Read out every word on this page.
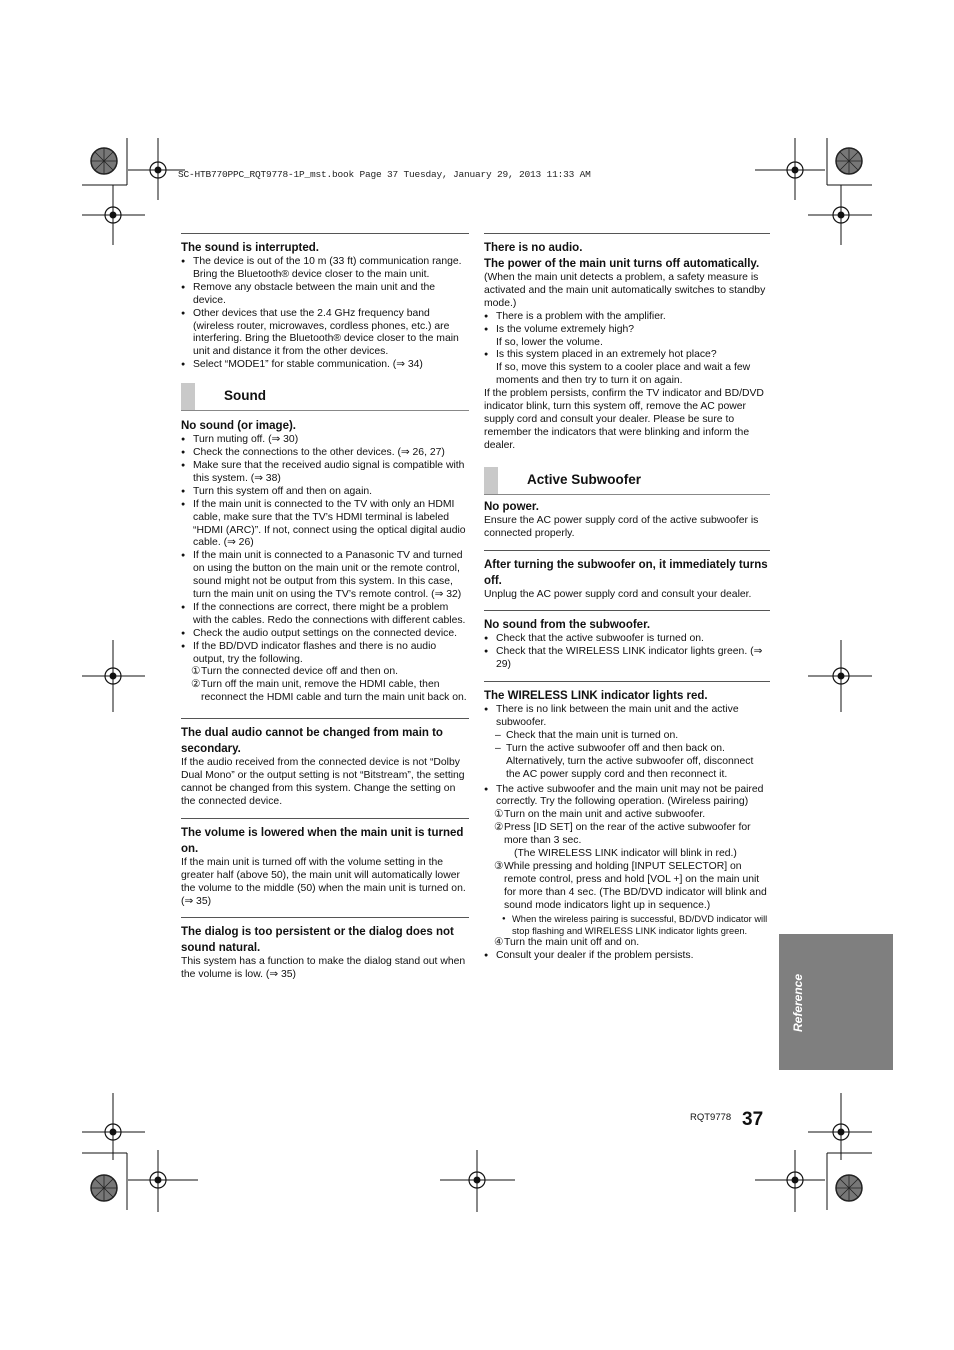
SC-HTB770PPC_RQT9778-1P_mst.book Page 37 Tuesday, January 29, 2013 11:33 AM
The sound is interrupted.
● The device is out of the 10 m (33 ft) communication range. Bring the Bluetooth® device closer to the main unit.
● Remove any obstacle between the main unit and the device.
● Other devices that use the 2.4 GHz frequency band (wireless router, microwaves, cordless phones, etc.) are interfering. Bring the Bluetooth® device closer to the main unit and distance it from the other devices.
● Select “MODE1” for stable communication. (⇒ 34)
Sound
No sound (or image).
● Turn muting off. (⇒ 30)
● Check the connections to the other devices. (⇒ 26, 27)
● Make sure that the received audio signal is compatible with this system. (⇒ 38)
● Turn this system off and then on again.
● If the main unit is connected to the TV with only an HDMI cable, make sure that the TV’s HDMI terminal is labeled “HDMI (ARC)”. If not, connect using the optical digital audio cable. (⇒ 26)
● If the main unit is connected to a Panasonic TV and turned on using the button on the main unit or the remote control, sound might not be output from this system. In this case, turn the main unit on using the TV’s remote control. (⇒ 32)
● If the connections are correct, there might be a problem with the cables. Redo the connections with different cables.
● Check the audio output settings on the connected device.
● If the BD/DVD indicator flashes and there is no audio output, try the following.
① Turn the connected device off and then on.
② Turn off the main unit, remove the HDMI cable, then reconnect the HDMI cable and turn the main unit back on.
The dual audio cannot be changed from main to secondary.
If the audio received from the connected device is not “Dolby Dual Mono” or the output setting is not “Bitstream”, the setting cannot be changed from this system. Change the setting on the connected device.
The volume is lowered when the main unit is turned on.
If the main unit is turned off with the volume setting in the greater half (above 50), the main unit will automatically lower the volume to the middle (50) when the main unit is turned on. (⇒ 35)
The dialog is too persistent or the dialog does not sound natural.
This system has a function to make the dialog stand out when the volume is low. (⇒ 35)
There is no audio.
The power of the main unit turns off automatically.
(When the main unit detects a problem, a safety measure is activated and the main unit automatically switches to standby mode.)
● There is a problem with the amplifier.
● Is the volume extremely high?
If so, lower the volume.
● Is this system placed in an extremely hot place?
If so, move this system to a cooler place and wait a few moments and then try to turn it on again.
If the problem persists, confirm the TV indicator and BD/DVD indicator blink, turn this system off, remove the AC power supply cord and consult your dealer. Please be sure to remember the indicators that were blinking and inform the dealer.
Active Subwoofer
No power.
Ensure the AC power supply cord of the active subwoofer is connected properly.
After turning the subwoofer on, it immediately turns off.
Unplug the AC power supply cord and consult your dealer.
No sound from the subwoofer.
● Check that the active subwoofer is turned on.
● Check that the WIRELESS LINK indicator lights green. (⇒ 29)
The WIRELESS LINK indicator lights red.
● There is no link between the main unit and the active subwoofer.
– Check that the main unit is turned on.
– Turn the active subwoofer off and then back on. Alternatively, turn the active subwoofer off, disconnect the AC power supply cord and then reconnect it.
● The active subwoofer and the main unit may not be paired correctly. Try the following operation. (Wireless pairing)
① Turn on the main unit and active subwoofer.
② Press [ID SET] on the rear of the active subwoofer for more than 3 sec.
(The WIRELESS LINK indicator will blink in red.)
③ While pressing and holding [INPUT SELECTOR] on remote control, press and hold [VOL +] on the main unit for more than 4 sec. (The BD/DVD indicator will blink and sound mode indicators light up in sequence.)
● When the wireless pairing is successful, BD/DVD indicator will stop flashing and WIRELESS LINK indicator lights green.
④ Turn the main unit off and on.
● Consult your dealer if the problem persists.
Reference
RQT9778 37
